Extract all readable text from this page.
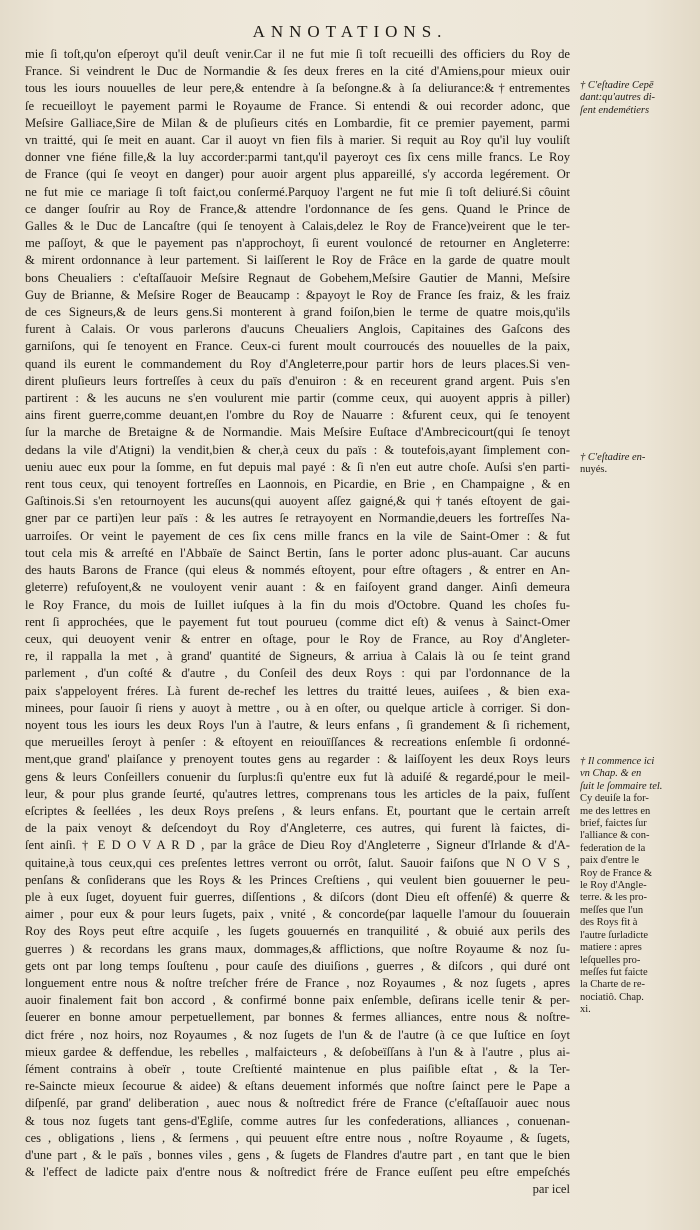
ANNOTATIONS.
mie ſi toſt,qu'on eſperoyt qu'il deuſt venir.Car il ne fut mie ſi toſt recueilli des officiers du Roy de
France. Si veindrent le Duc de Normandie & ſes deux freres en la cité d'Amiens,pour mieux ouir
tous les iours nouuelles de leur pere,& entendre à ſa beſongne.& à ſa deliurance:&†entrementes
ſe recueilloyt le payement parmi le Royaume de France. Si entendi & oui recorder adonc, que
Meſsire Galliace,Sire de Milan & de pluſieurs cités en Lombardie, fit ce premier payement, parmi
vn traitté, qui ſe meit en auant. Car il auoyt vn fien fils à marier. Si requit au Roy qu'il luy vouliſt
donner vne fiéne fille,& la luy accorder:parmi tant,qu'il payeroyt ces ſix cens mille francs. Le Roy
de France (qui ſe veoyt en danger) pour auoir argent plus appareillé, s'y accorda legérement. Or
ne fut mie ce mariage ſi toſt faict,ou conſermé.Parquoy l'argent ne fut mie ſi toſt deliuré.Si côuint
ce danger ſouſrir au Roy de France,& attendre l'ordonnance de ſes gens. Quand le Prince de
Galles & le Duc de Lancaſtre (qui ſe tenoyent à Calais,delez le Roy de France)veirent que le ter-
me paſſoyt, & que le payement pas n'approchoyt, ſi eurent vouloncé de retourner en Angleterre:
& mirent ordonnance à leur partement. Si laiſſerent le Roy de Frâce en la garde de quatre moult
bons Cheualiers : c'eſtaſſauoir Meſsire Regnaut de Gobehem,Meſsire Gautier de Manni, Meſsire
Guy de Brianne, & Meſsire Roger de Beaucamp : &payoyt le Roy de France ſes fraiz, & les fraiz
de ces Signeurs,& de leurs gens.Si monterent à grand foiſon,bien le terme de quatre mois,qu'ils
furent à Calais. Or vous parlerons d'aucuns Cheualiers Anglois, Capitaines des Gaſcons des
garniſons, qui ſe tenoyent en France. Ceux-ci furent moult courroucés des nouuelles de la paix,
quand ils eurent le commandement du Roy d'Angleterre,pour partir hors de leurs places.Si ven-
dirent pluſieurs leurs fortreſſes à ceux du païs d'enuiron : & en receurent grand argent. Puis s'en
partirent : & les aucuns ne s'en voulurent mie partir (comme ceux, qui auoyent appris à piller)
ains firent guerre,comme deuant,en l'ombre du Roy de Nauarre : &furent ceux, qui ſe tenoyent
ſur la marche de Bretaigne & de Normandie. Mais Meſsire Euſtace d'Ambrecicourt(qui ſe tenoyt
dedans la vile d'Atigni) la vendit,bien & cher,à ceux du païs : & toutefois,ayant ſimplement con-
ueniu auec eux pour la ſomme, en fut depuis mal payé : & ſi n'en eut autre choſe. Auſsi s'en parti-
rent tous ceux, qui tenoyent fortreſſes en Laonnois, en Picardie, en Brie , en Champaigne , & en
Gaſtinois.Si s'en retournoyent les aucuns(qui auoyent aſſez gaigné,& qui†tanés eſtoyent de gai-
gner par ce parti)en leur païs : & les autres ſe retrayoyent en Normandie,deuers les fortreſſes Na-
uarroiſes. Or veint le payement de ces ſix cens mille francs en la vile de Saint-Omer : & fut
tout cela mis & arreſté en l'Abbaïe de Sainct Bertin, ſans le porter adonc plus-auant. Car aucuns
des hauts Barons de France (qui eleus & nommés eſtoyent, pour eſtre oſtagers , & entrer en An-
gleterre) refuſoyent,& ne vouloyent venir auant : & en faiſoyent grand danger. Ainſi demeura
le Roy France, du mois de Iuillet iuſques à la fin du mois d'Octobre. Quand les choſes fu-
rent ſi approchées, que le payement fut tout pourueu (comme dict eſt) & venus à Sainct-Omer
ceux, qui deuoyent venir & entrer en oſtage, pour le Roy de France, au Roy d'Angleter-
re, il rappalla la met , à grand' quantité de Signeurs, & arriua à Calais là ou ſe teint grand
parlement , d'un coſté & d'autre , du Conſeil des deux Roys : qui par l'ordonnance de la
paix s'appeloyent fréres. Là furent de-rechef les lettres du traitté leues, auiſees , & bien exa-
minees, pour ſauoir ſi riens y auoyt à mettre , ou à en oſter, ou quelque article à corriger. Si don-
noyent tous les iours les deux Roys l'un à l'autre, & leurs enfans , ſi grandement & ſi richement,
que merueilles ſeroyt à penſer : & eſtoyent en reiouïſſances & recreations enſemble ſi ordonné-
ment,que grand' plaiſance y prenoyent toutes gens au regarder : & laiſſoyent les deux Roys leurs
gens & leurs Conſeillers conuenir du ſurplus:ſi qu'entre eux fut là aduiſé & regardé,pour le meil-
leur, & pour plus grande ſeurté, qu'autres lettres, comprenans tous les articles de la paix, fuſſent
eſcriptes & ſeellées , les deux Roys preſens , & leurs enfans. Et, pourtant que le certain arreſt
de la paix venoyt & deſcendoyt du Roy d'Angleterre, ces autres, qui furent là faictes, di-
ſent ainſi. † E D O V A R D , par la grâce de Dieu Roy d'Angleterre , Signeur d'Irlande & d'A-
quitaine,à tous ceux,qui ces preſentes lettres verront ou orrôt, ſalut. Sauoir faiſons que N O V S ,
penſans & conſiderans que les Roys & les Princes Creſtiens , qui veulent bien gouuerner le peu-
ple à eux ſuget, doyuent fuir guerres, diſſentions , & diſcors (dont Dieu eſt offenſé) & querre &
aimer , pour eux & pour leurs ſugets, paix , vnité , & concorde(par laquelle l'amour du ſouuerain
Roy des Roys peut eſtre acquiſe , les ſugets gouuernés en tranquilité , & obuié aux perils des
guerres ) & recordans les grans maux, dommages,& afflictions, que noſtre Royaume & noz ſu-
gets ont par long temps ſouſtenu , pour cauſe des diuiſions , guerres , & diſcors , qui duré ont
longuement entre nous & noſtre treſcher frére de France , noz Royaumes , & noz ſugets , apres
auoir finalement fait bon accord , & confirmé bonne paix enſemble, deſirans icelle tenir & per-
ſeuerer en bonne amour perpetuellement, par bonnes & fermes alliances, entre nous & noſtre-
dict frére , noz hoirs, noz Royaumes , & noz ſugets de l'un & de l'autre (à ce que Iuſtice en ſoyt
mieux gardee & deffendue, les rebelles , malfaicteurs , & deſobeïſſans à l'un & à l'autre , plus ai-
ſément contrains à obeïr , toute Creſtienté maintenue en plus paiſible eſtat , & la Ter-
re-Saincte mieux ſecourue & aidee) & eſtans deuement informés que noſtre ſainct pere le Pape a
diſpenſé, par grand' deliberation , auec nous & noſtredict frére de France (c'eſtaſſauoir auec nous
& tous noz ſugets tant gens-d'Egliſe, comme autres ſur les confederations, alliances , conuenan-
ces , obligations , liens , & ſermens , qui peuuent eſtre entre nous , noſtre Royaume , & ſugets,
d'une part , & le païs , bonnes viles , gens , & ſugets de Flandres d'autre part , en tant que le bien
& l'effect de ladicte paix d'entre nous & noſtredict frére de France euſſent peu eſtre empeſchés
par icel
† C'eſtadire Cepē
dant:qu'autres di-
ſent endemétiers
† C'eſtadire en-
nuyés.
† Il commence ici
vn Chap. & en
ſuit le ſommaire tel.
Cy deuiſe la for-
me des lettres en
brief, faictes ſur
l'alliance & con-
federation de la
paix d'entre le
Roy de France &
le Roy d'Angle-
terre. & les pro-
meſſes que l'un
des Roys fit à
l'autre ſurladicte
matiere : apres
leſquelles pro-
meſſes fut faicte
la Charte de re-
nociatiô. Chap.
xi.
